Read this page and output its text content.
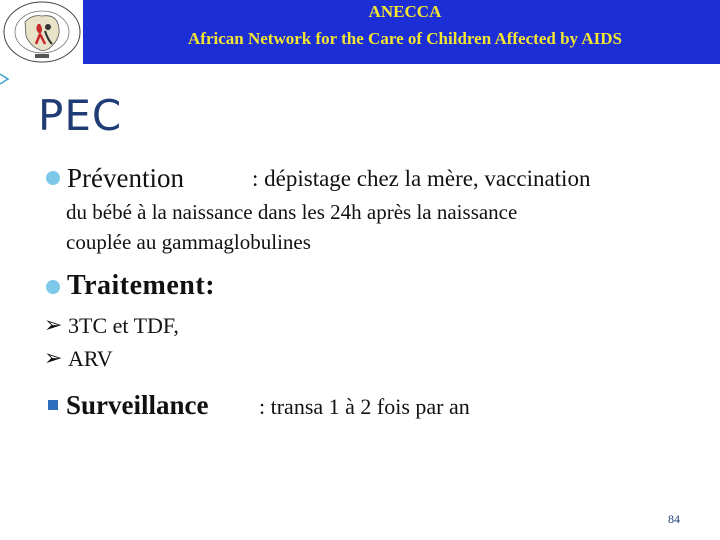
ANECCA
African Network for the Care of Children Affected by AIDS
PEC
Prévention	: dépistage chez la mère, vaccination
du bébé à la naissance dans les 24h après la naissance
couplée au gammaglobulines
Traitement:
➢ 3TC et TDF,
➢ ARV
Surveillance : transa 1 à 2 fois par an
84
